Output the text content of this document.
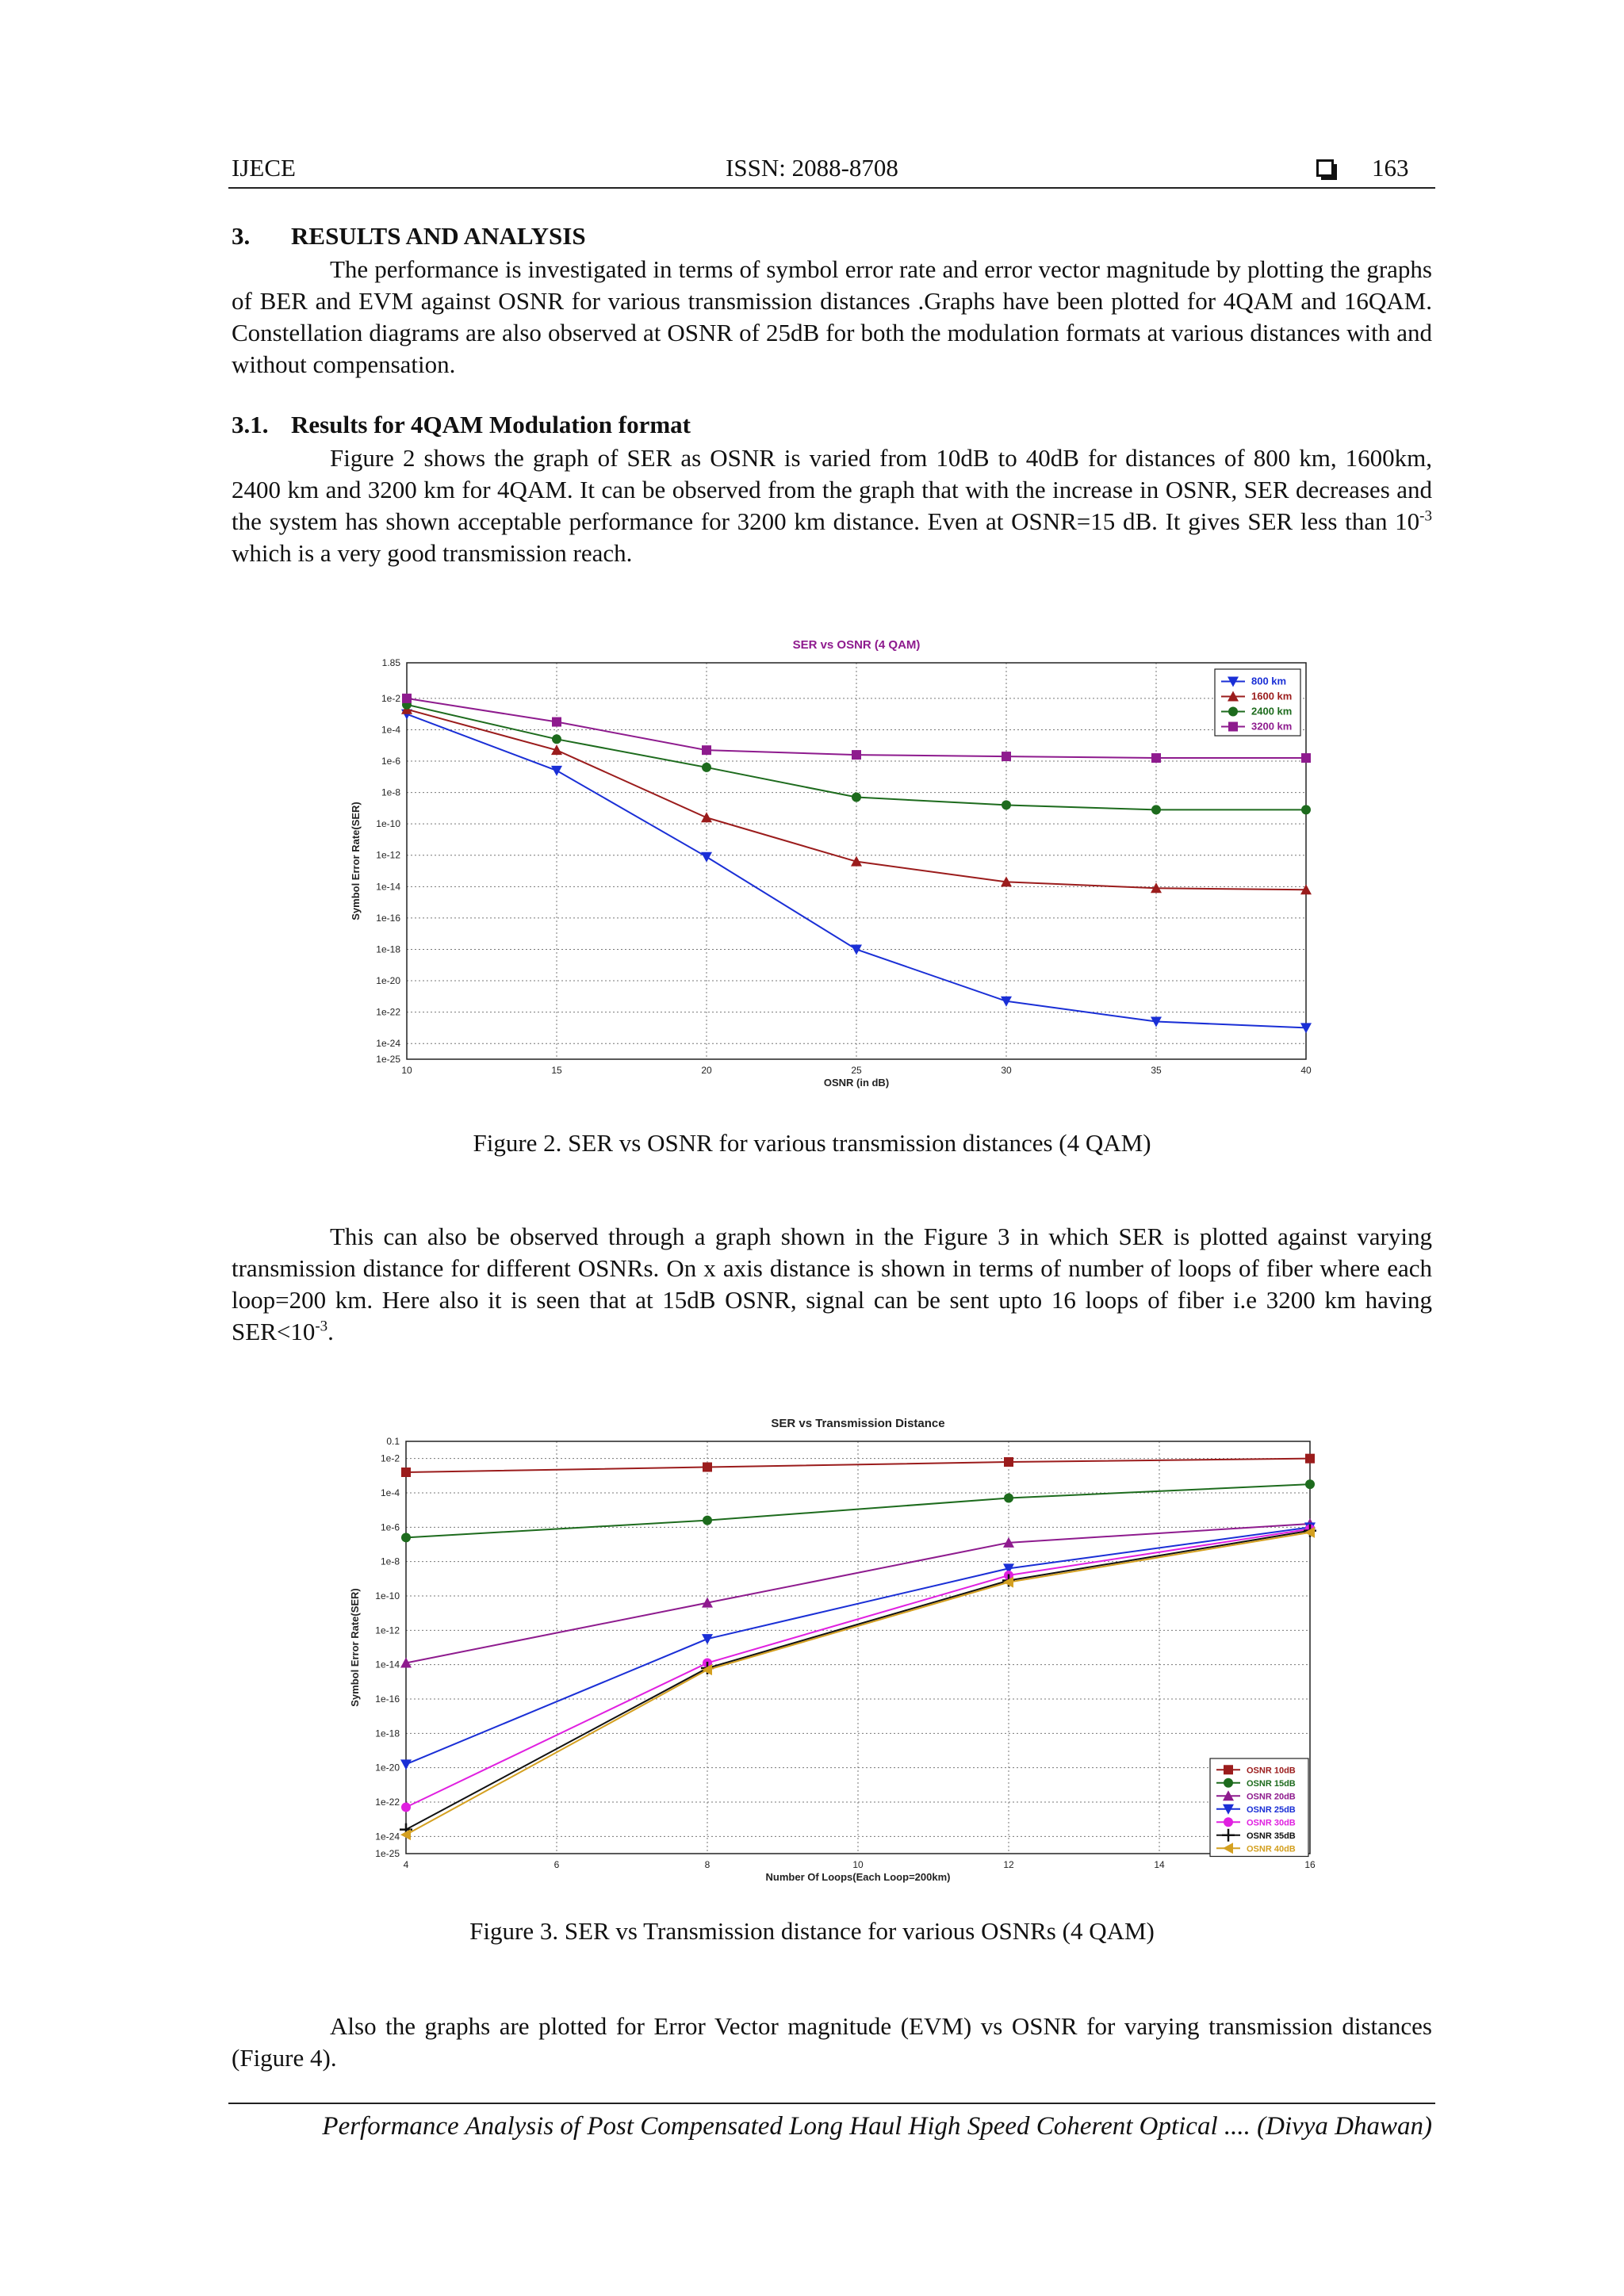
IJECE	ISSN: 2088-8708	163
3. RESULTS AND ANALYSIS
The performance is investigated in terms of symbol error rate and error vector magnitude by plotting the graphs of BER and EVM against OSNR for various transmission distances .Graphs have been plotted for 4QAM and 16QAM. Constellation diagrams are also observed at OSNR of 25dB for both the modulation formats at various distances with and without compensation.
3.1. Results for 4QAM Modulation format
Figure 2 shows the graph of SER as OSNR is varied from 10dB to 40dB for distances of 800 km, 1600km, 2400 km and 3200 km for 4QAM. It can be observed from the graph that with the increase in OSNR, SER decreases and the system has shown acceptable performance for 3200 km distance. Even at OSNR=15 dB. It gives SER less than $10^{-3}$ which is a very good transmission reach.
SER vs OSNR (4 QAM)
1.85
1e-2
1e-4
1e-6
1e-8
1e-10
1e-12
1e-14
1e-16
1e-18
1e-20
1e-22
1e-24
1e-25
10	15	20	25	30	35	40
OSNR (in dB)
Symbol Error Rate(SER)
800 km
1600 km
2400 km
3200 km
Figure 2. SER vs OSNR for various transmission distances (4 QAM)
This can also be observed through a graph shown in the Figure 3 in which SER is plotted against varying transmission distance for different OSNRs. On x axis distance is shown in terms of number of loops of fiber where each loop=200 km. Here also it is seen that at 15dB OSNR, signal can be sent upto 16 loops of fiber i.e 3200 km having $SER<10^{-3}$.
SER vs Transmission Distance
0.1
1e-2
1e-4
1e-6
1e-8
1e-10
1e-12
1e-14
1e-16
1e-18
1e-20
1e-22
1e-24
1e-25
4	6	8	10	12	14	16
Number Of Loops(Each Loop=200km)
Symbol Error Rate(SER)
OSNR 10dB
OSNR 15dB
OSNR 20dB
OSNR 25dB
OSNR 30dB
OSNR 35dB
OSNR 40dB
Figure 3. SER vs Transmission distance for various OSNRs (4 QAM)
Also the graphs are plotted for Error Vector magnitude (EVM) vs OSNR for varying transmission distances (Figure 4).
Performance Analysis of Post Compensated Long Haul High Speed Coherent Optical .... (Divya Dhawan)
